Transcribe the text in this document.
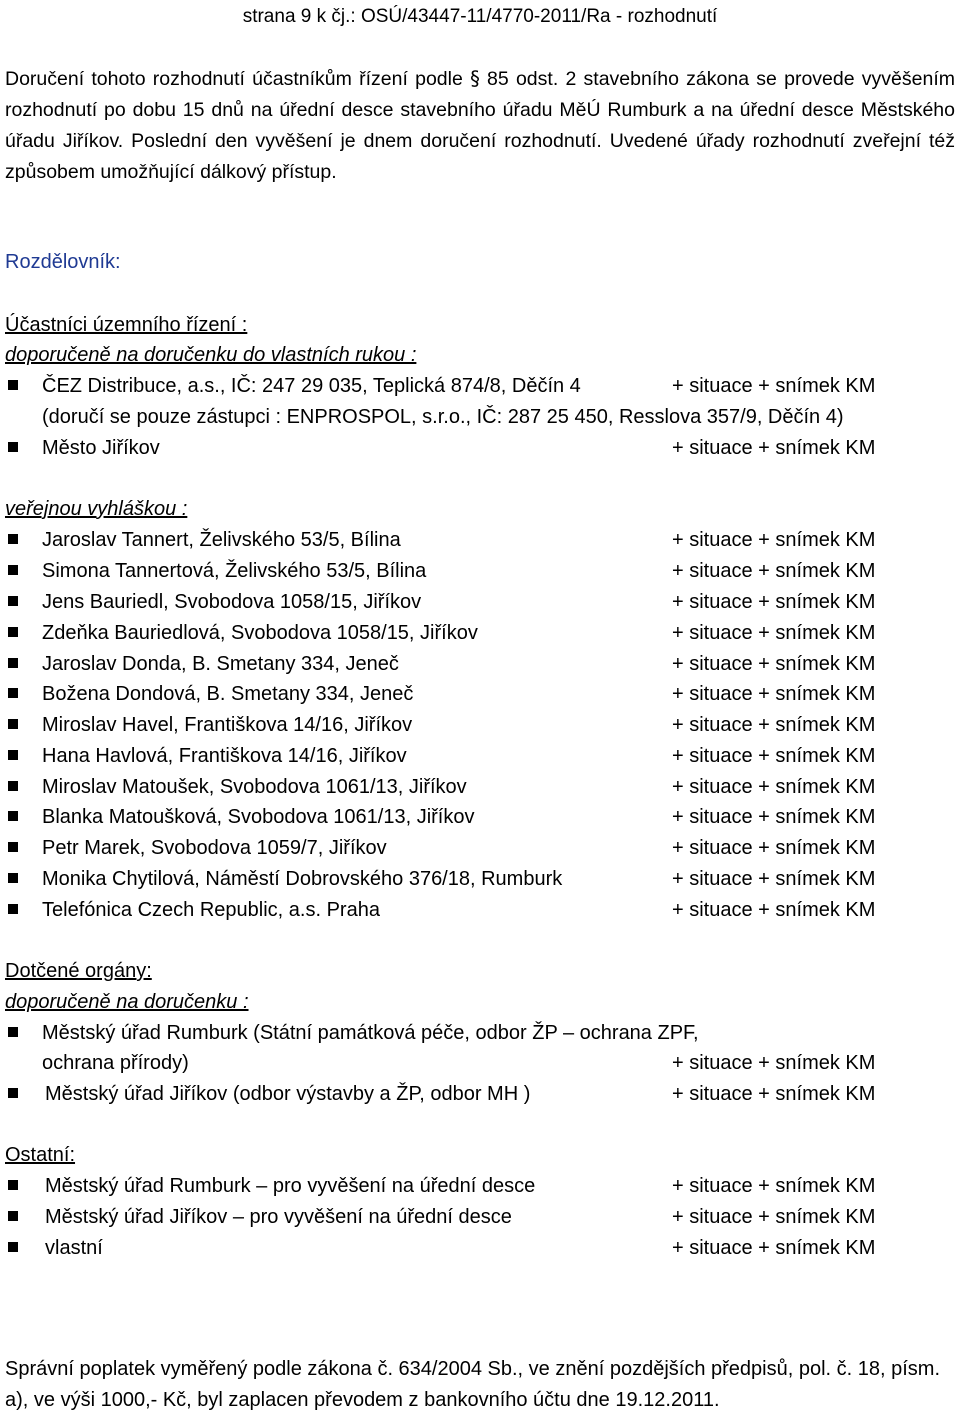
strana 9 k čj.: OSÚ/43447-11/4770-2011/Ra - rozhodnutí

Doručení tohoto rozhodnutí účastníkům řízení podle § 85 odst. 2 stavebního zákona se provede vyvěšením rozhodnutí po dobu 15 dnů na úřední desce stavebního úřadu MěÚ Rumburk a na úřední desce Městského úřadu Jiříkov. Poslední den vyvěšení je dnem doručení rozhodnutí. Uvedené úřady rozhodnutí zveřejní též způsobem umožňující dálkový přístup.

Rozdělovník:
Účastníci územního řízení :
doporučeně na doručenku do vlastních rukou :
ČEZ Distribuce, a.s., IČ: 247 29 035, Teplická 874/8, Děčín 4	+ situace + snímek KM
(doručí se pouze zástupci : ENPROSPOL, s.r.o., IČ: 287 25 450, Resslova 357/9, Děčín 4)
Město Jiříkov	+ situace + snímek KM
veřejnou vyhláškou :
Jaroslav Tannert, Želivského 53/5, Bílina	+ situace + snímek KM
Simona Tannertová, Želivského 53/5, Bílina	+ situace + snímek KM
Jens Bauriedl, Svobodova 1058/15, Jiříkov	+ situace + snímek KM
Zdeňka Bauriedlová, Svobodova 1058/15, Jiříkov	+ situace + snímek KM
Jaroslav Donda, B. Smetany 334, Jeneč	+ situace + snímek KM
Božena Dondová, B. Smetany 334, Jeneč	+ situace + snímek KM
Miroslav Havel, Františkova 14/16, Jiříkov	+ situace + snímek KM
Hana Havlová, Františkova 14/16, Jiříkov	+ situace + snímek KM
Miroslav Matoušek, Svobodova 1061/13, Jiříkov	+ situace + snímek KM
Blanka Matoušková, Svobodova 1061/13, Jiříkov	+ situace + snímek KM
Petr Marek, Svobodova 1059/7, Jiříkov	+ situace + snímek KM
Monika Chytilová, Náměstí Dobrovského 376/18, Rumburk	+ situace + snímek KM
Telefónica Czech Republic, a.s. Praha	+ situace + snímek KM
Dotčené orgány:
doporučeně na doručenku :
Městský úřad Rumburk (Státní památková péče, odbor ŽP – ochrana ZPF,
ochrana přírody)	+ situace + snímek KM
Městský úřad Jiříkov (odbor výstavby a ŽP, odbor MH )	+ situace + snímek KM
Ostatní:
Městský úřad Rumburk – pro vyvěšení na úřední desce	+ situace + snímek KM
Městský úřad Jiříkov – pro vyvěšení na úřední desce	+ situace + snímek KM
vlastní	+ situace + snímek KM

Správní poplatek vyměřený podle zákona č. 634/2004 Sb., ve znění pozdějších předpisů, pol. č. 18, písm. a), ve výši 1000,- Kč, byl zaplacen převodem z bankovního účtu dne 19.12.2011.
